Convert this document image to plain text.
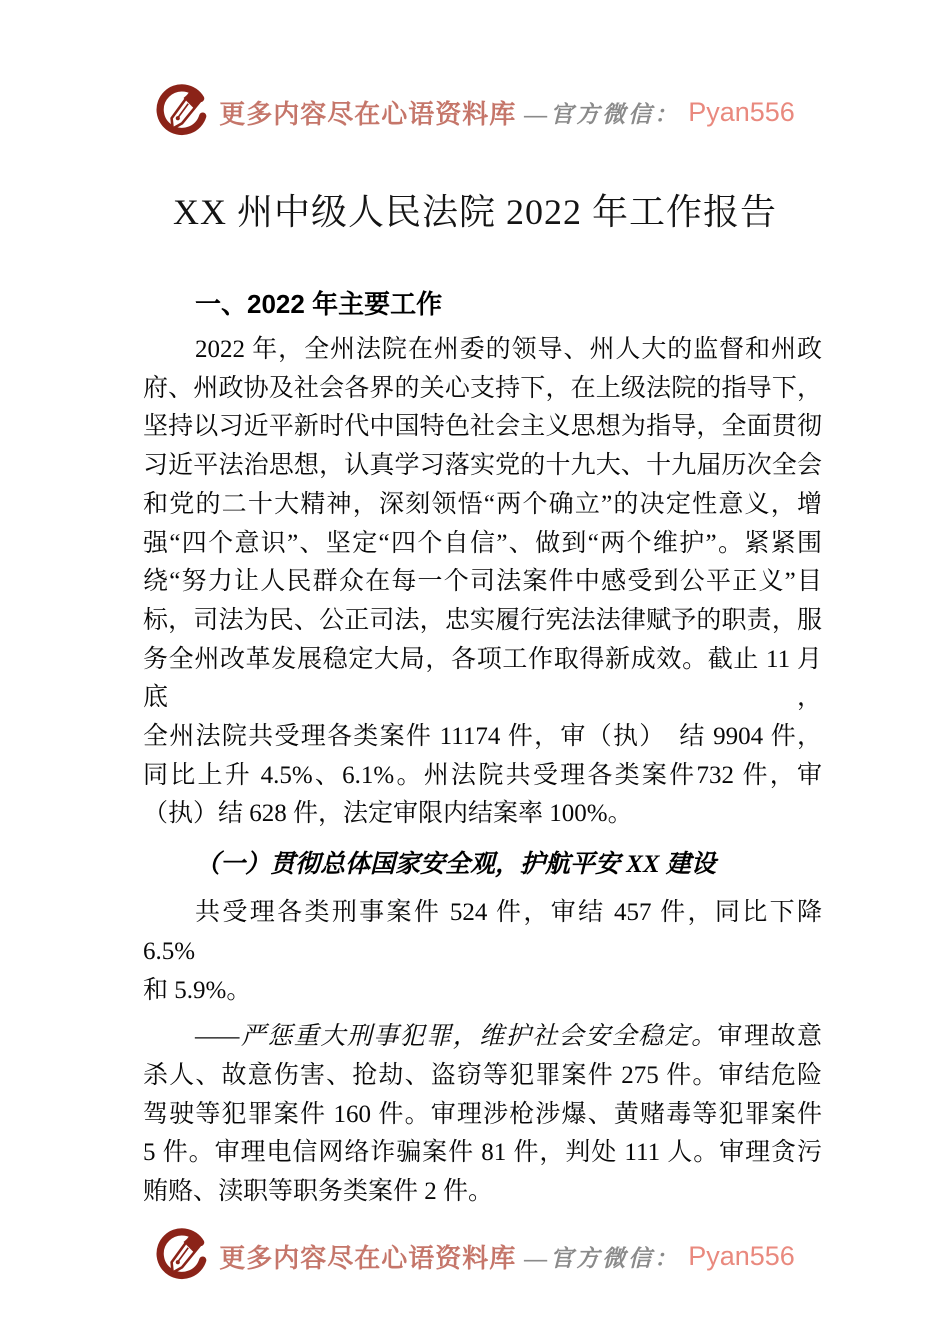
更多内容尽在心语资料库 —官方微信： Pyan556
XX 州中级人民法院 2022 年工作报告
一、2022 年主要工作
2022 年，全州法院在州委的领导、州人大的监督和州政
府、州政协及社会各界的关心支持下，在上级法院的指导下，
坚持以习近平新时代中国特色社会主义思想为指导，全面贯彻
习近平法治思想，认真学习落实党的十九大、十九届历次全会
和党的二十大精神，深刻领悟“两个确立”的决定性意义，增
强“四个意识”、坚定“四个自信”、做到“两个维护”。紧紧围
绕“努力让人民群众在每一个司法案件中感受到公平正义”目
标，司法为民、公正司法，忠实履行宪法法律赋予的职责，服
务全州改革发展稳定大局，各项工作取得新成效。截止 11 月底，
全州法院共受理各类案件 11174 件，审（执）　结 9904 件，
同比上升 4.5%、6.1%。州法院共受理各类案件732 件，审
（执）结 628 件，法定审限内结案率 100%。
（一）贯彻总体国家安全观，护航平安 XX 建设
共受理各类刑事案件 524 件，审结 457 件，同比下降 6.5%
和 5.9%。
——严惩重大刑事犯罪，维护社会安全稳定。审理故意
杀人、故意伤害、抢劫、盗窃等犯罪案件 275 件。审结危险
驾驶等犯罪案件 160 件。审理涉枪涉爆、黄赌毒等犯罪案件
5 件。审理电信网络诈骗案件 81 件，判处 111 人。审理贪污
贿赂、渎职等职务类案件 2 件。
更多内容尽在心语资料库 —官方微信： Pyan556
